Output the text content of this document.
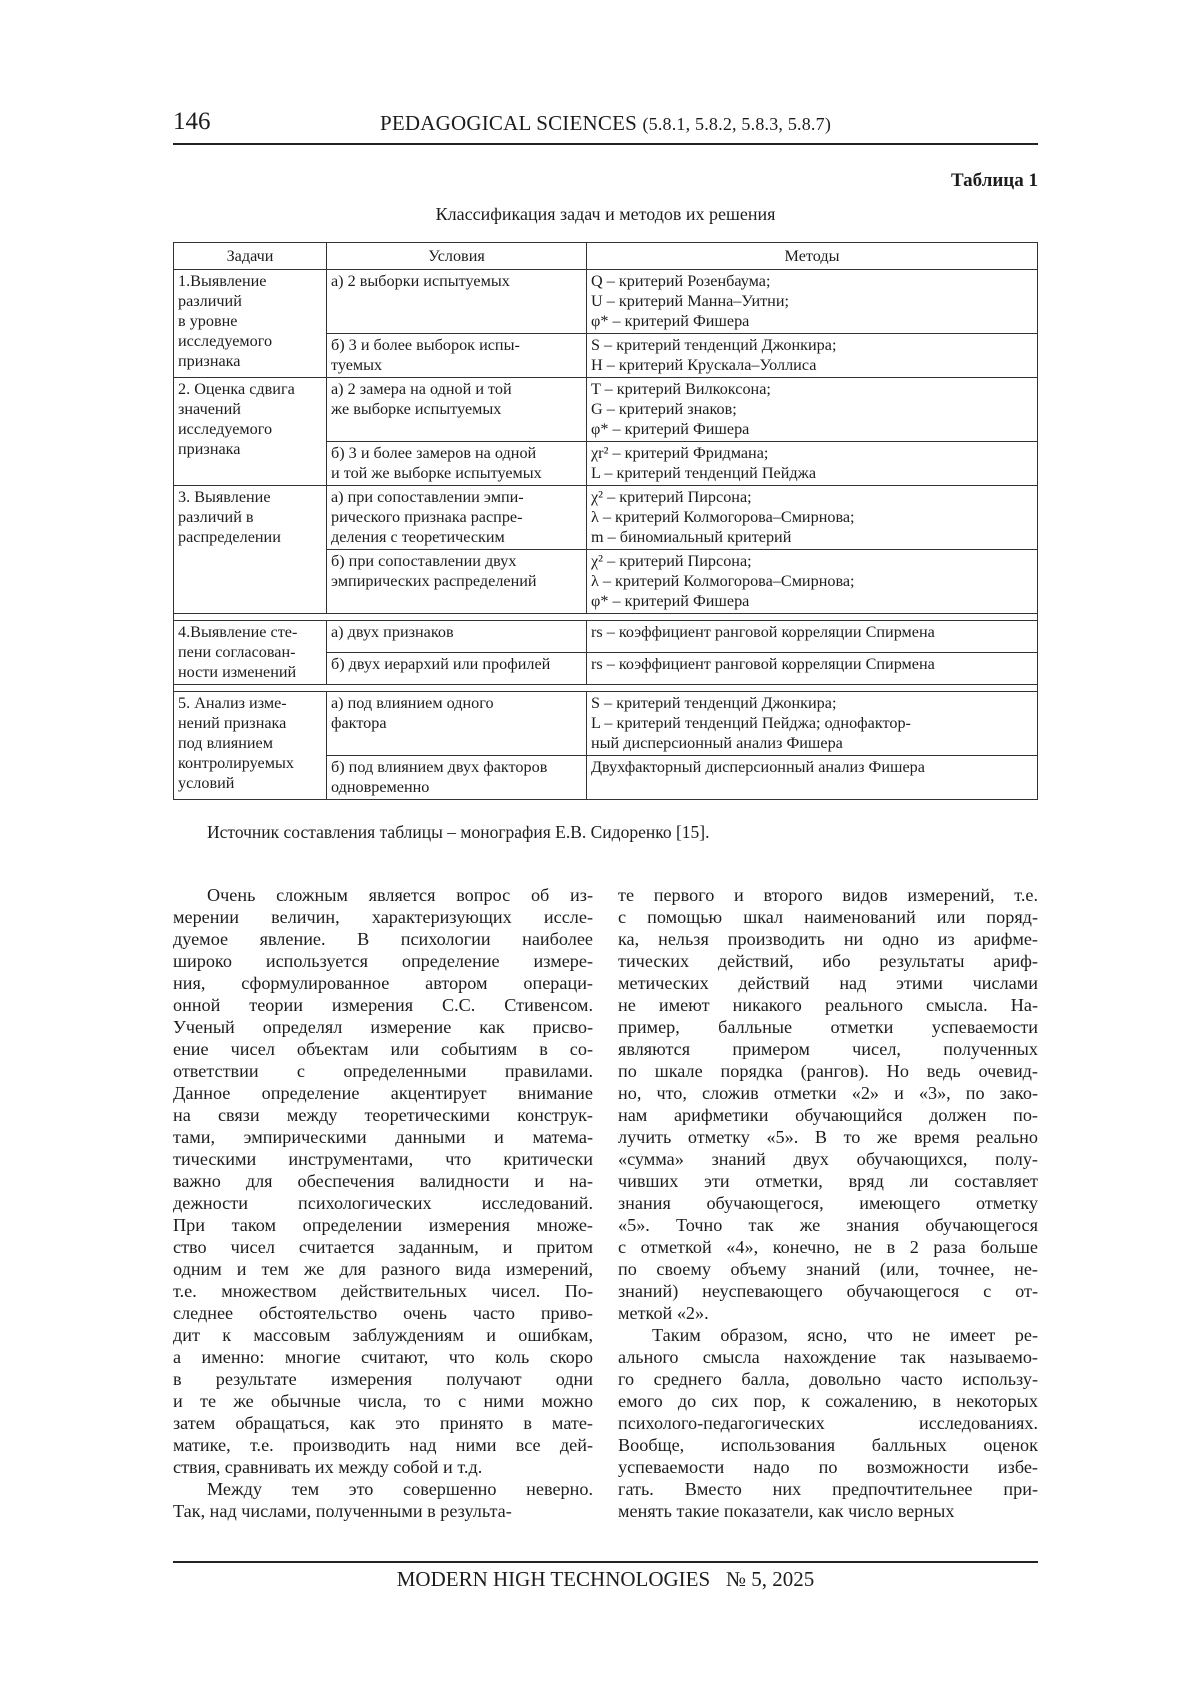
146	PEDAGOGICAL SCIENCES (5.8.1, 5.8.2, 5.8.3, 5.8.7)
Таблица 1
Классификация задач и методов их решения
Задачи	Условия	Методы

1.Выявление
различий
в уровне
исследуемого
признака	а) 2 выборки испытуемых	Q – критерий Розенбаума;
U – критерий Манна–Уитни;
φ* – критерий Фишера

	б) 3 и более выборок испы-
туемых	S – критерий тенденций Джонкира;
H – критерий Крускала–Уоллиса

2. Оценка сдвига
значений
исследуемого
признака	а) 2 замера на одной и той
же выборке испытуемых	T – критерий Вилкоксона;
G – критерий знаков;
φ* – критерий Фишера

	б) 3 и более замеров на одной
и той же выборке испытуемых	χr² – критерий Фридмана;
L – критерий тенденций Пейджа

3. Выявление
различий в
распределении	а) при сопоставлении эмпи-
рического признака распре-
деления с теоретическим	χ² – критерий Пирсона;
λ – критерий Колмогорова–Смирнова;
m – биномиальный критерий

	б) при сопоставлении двух
эмпирических распределений	χ² – критерий Пирсона;
λ – критерий Колмогорова–Смирнова;
φ* – критерий Фишера

4.Выявление сте-
пени согласован-
ности изменений	а) двух признаков	rs – коэффициент ранговой корреляции Спирмена

	б) двух иерархий или профилей	rs – коэффициент ранговой корреляции Спирмена

5. Анализ изме-
нений признака
под влиянием
контролируемых
условий	а) под влиянием одного
фактора	S – критерий тенденций Джонкира;
L – критерий тенденций Пейджа; однофактор-
ный дисперсионный анализ Фишера

	б) под влиянием двух факторов
одновременно	Двухфакторный дисперсионный анализ Фишера
Источник составления таблицы – монография Е.В. Сидоренко [15].
Очень сложным является вопрос об из-
мерении величин, характеризующих иссле-
дуемое явление. В психологии наиболее
широко используется определение измере-
ния, сформулированное автором операци-
онной теории измерения С.С. Стивенсом.
Ученый определял измерение как присво-
ение чисел объектам или событиям в со-
ответствии с определенными правилами.
Данное определение акцентирует внимание
на связи между теоретическими конструк-
тами, эмпирическими данными и матема-
тическими инструментами, что критически
важно для обеспечения валидности и на-
дежности психологических исследований.
При таком определении измерения множе-
ство чисел считается заданным, и притом
одним и тем же для разного вида измерений,
т.е. множеством действительных чисел. По-
следнее обстоятельство очень часто приво-
дит к массовым заблуждениям и ошибкам,
а именно: многие считают, что коль скоро
в результате измерения получают одни
и те же обычные числа, то с ними можно
затем обращаться, как это принято в мате-
матике, т.е. производить над ними все дей-
ствия, сравнивать их между собой и т.д.
Между тем это совершенно неверно.
Так, над числами, полученными в результа-
те первого и второго видов измерений, т.е.
с помощью шкал наименований или поряд-
ка, нельзя производить ни одно из арифме-
тических действий, ибо результаты ариф-
метических действий над этими числами
не имеют никакого реального смысла. На-
пример, балльные отметки успеваемости
являются примером чисел, полученных
по шкале порядка (рангов). Но ведь очевид-
но, что, сложив отметки «2» и «3», по зако-
нам арифметики обучающийся должен по-
лучить отметку «5». В то же время реально
«сумма» знаний двух обучающихся, полу-
чивших эти отметки, вряд ли составляет
знания обучающегося, имеющего отметку
«5». Точно так же знания обучающегося
с отметкой «4», конечно, не в 2 раза больше
по своему объему знаний (или, точнее, не-
знаний) неуспевающего обучающегося с от-
меткой «2».
Таким образом, ясно, что не имеет ре-
ального смысла нахождение так называемо-
го среднего балла, довольно часто использу-
емого до сих пор, к сожалению, в некоторых
психолого-педагогических исследованиях.
Вообще, использования балльных оценок
успеваемости надо по возможности избе-
гать. Вместо них предпочтительнее при-
менять такие показатели, как число верных
MODERN HIGH TECHNOLOGIES № 5, 2025
